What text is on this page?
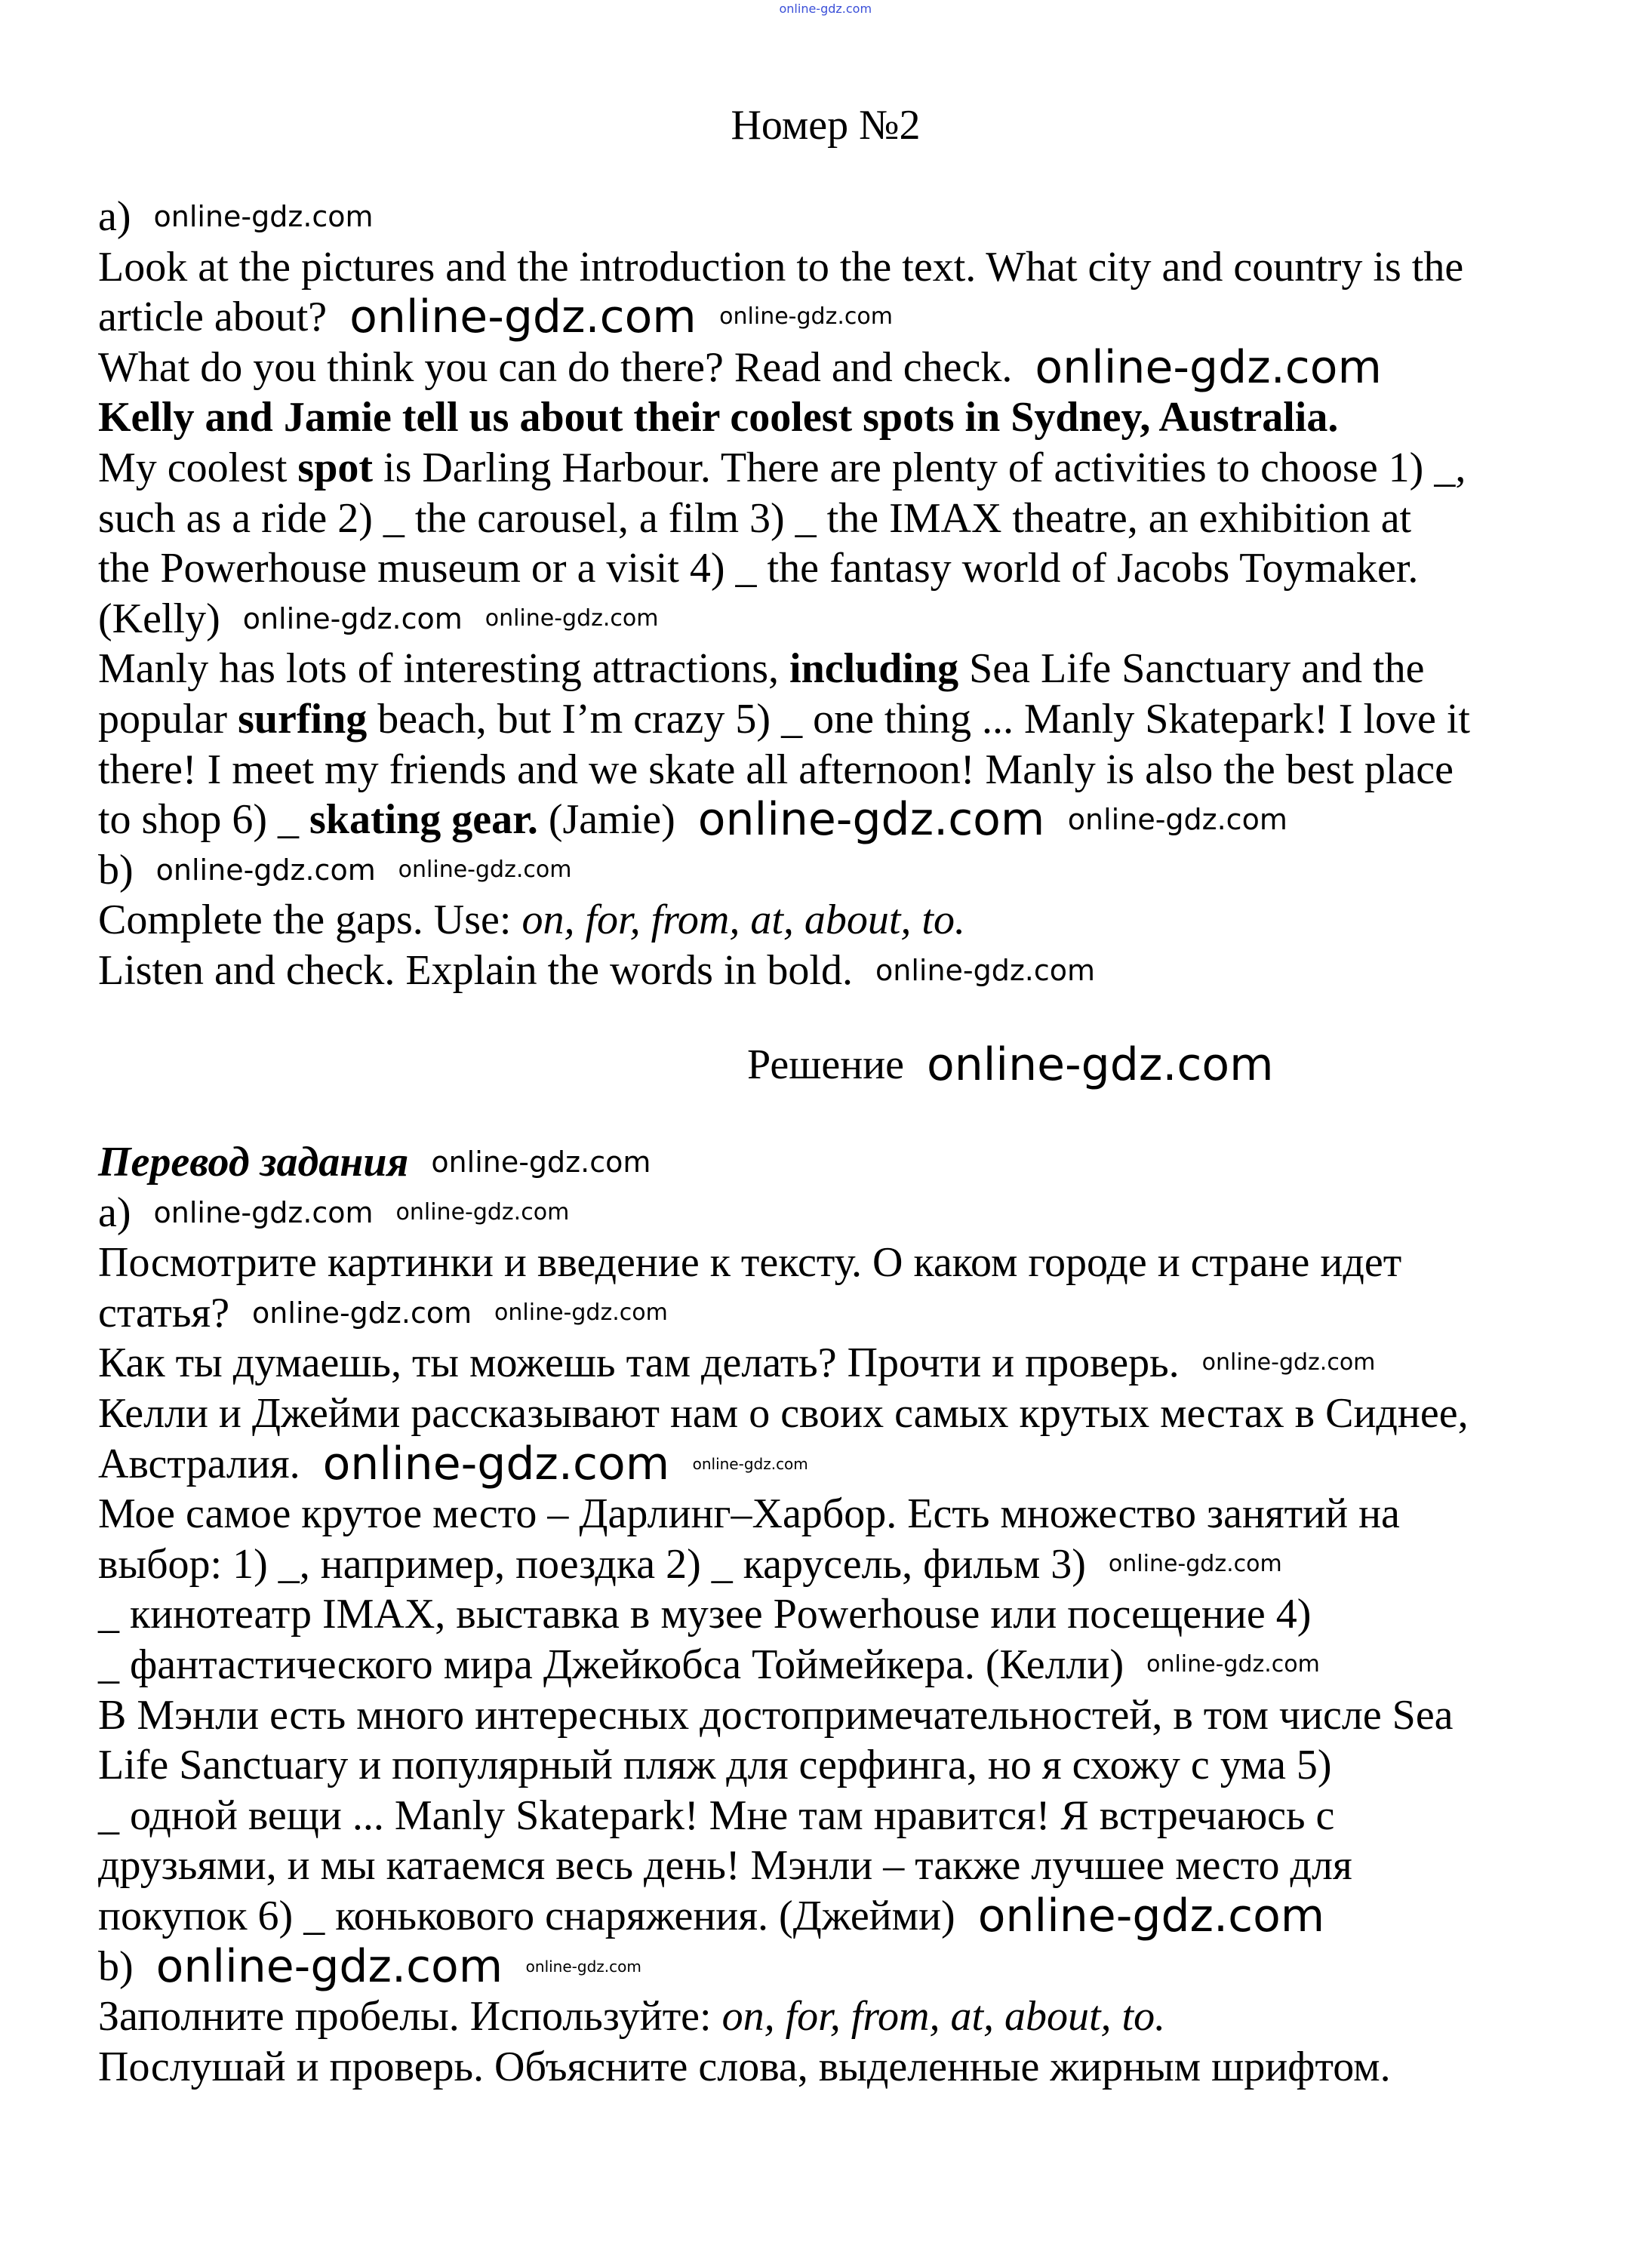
Номер №2
a)
Look at the pictures and the introduction to the text. What city and country is the
article about?
What do you think you can do there? Read and check.
Kelly and Jamie tell us about their coolest spots in Sydney, Australia.
My coolest spot is Darling Harbour. There are plenty of activities to choose 1) _,
such as a ride 2) _ the carousel, a film 3) _ the IMAX theatre, an exhibition at
the Powerhouse museum or a visit 4) _ the fantasy world of Jacobs Toymaker.
(Kelly)
Manly has lots of interesting attractions, including Sea Life Sanctuary and the
popular surfing beach, but I’m crazy 5) _ one thing ... Manly Skatepark! I love it
there! I meet my friends and we skate all afternoon! Manly is also the best place
to shop 6) _ skating gear. (Jamie)
b)
Complete the gaps. Use: on, for, from, at, about, to.
Listen and check. Explain the words in bold.
Решение
Перевод задания
a)
Посмотрите картинки и введение к тексту. О каком городе и стране идет
статья?
Как ты думаешь, ты можешь там делать? Прочти и проверь.
Келли и Джейми рассказывают нам о своих самых крутых местах в Сиднее,
Австралия.
Мое самое крутое место – Дарлинг–Харбор. Есть множество занятий на
выбор: 1) _, например, поездка 2) _ карусель, фильм 3)
_ кинотеатр IMAX, выставка в музее Powerhouse или посещение 4)
_ фантастического мира Джейкобса Тоймейкера. (Келли)
В Мэнли есть много интересных достопримечательностей, в том числе Sea
Life Sanctuary и популярный пляж для серфинга, но я схожу с ума 5)
_ одной вещи ... Manly Skatepark! Мне там нравится! Я встречаюсь с
друзьями, и мы катаемся весь день! Мэнли – также лучшее место для
покупок 6) _ конькового снаряжения. (Джейми)
b)
Заполните пробелы. Используйте: on, for, from, at, about, to.
Послушай и проверь. Объясните слова, выделенные жирным шрифтом.
online-gdz.com
online-gdz.com online-gdz.com
online-gdz.com
online-gdz.com online-gdz.com
online-gdz.com
online-gdz.com
online-gdz.com
online-gdz.com
online-gdz.com
online-gdz.com online-gdz.com
online-gdz.com online-gdz.com
online-gdz.com
online-gdz.com
online-gdz.com online-gdz.com
online-gdz.com online-gdz.com
online-gdz.com
online-gdz.com
online-gdz.com
online-gdz.com
online-gdz.com
